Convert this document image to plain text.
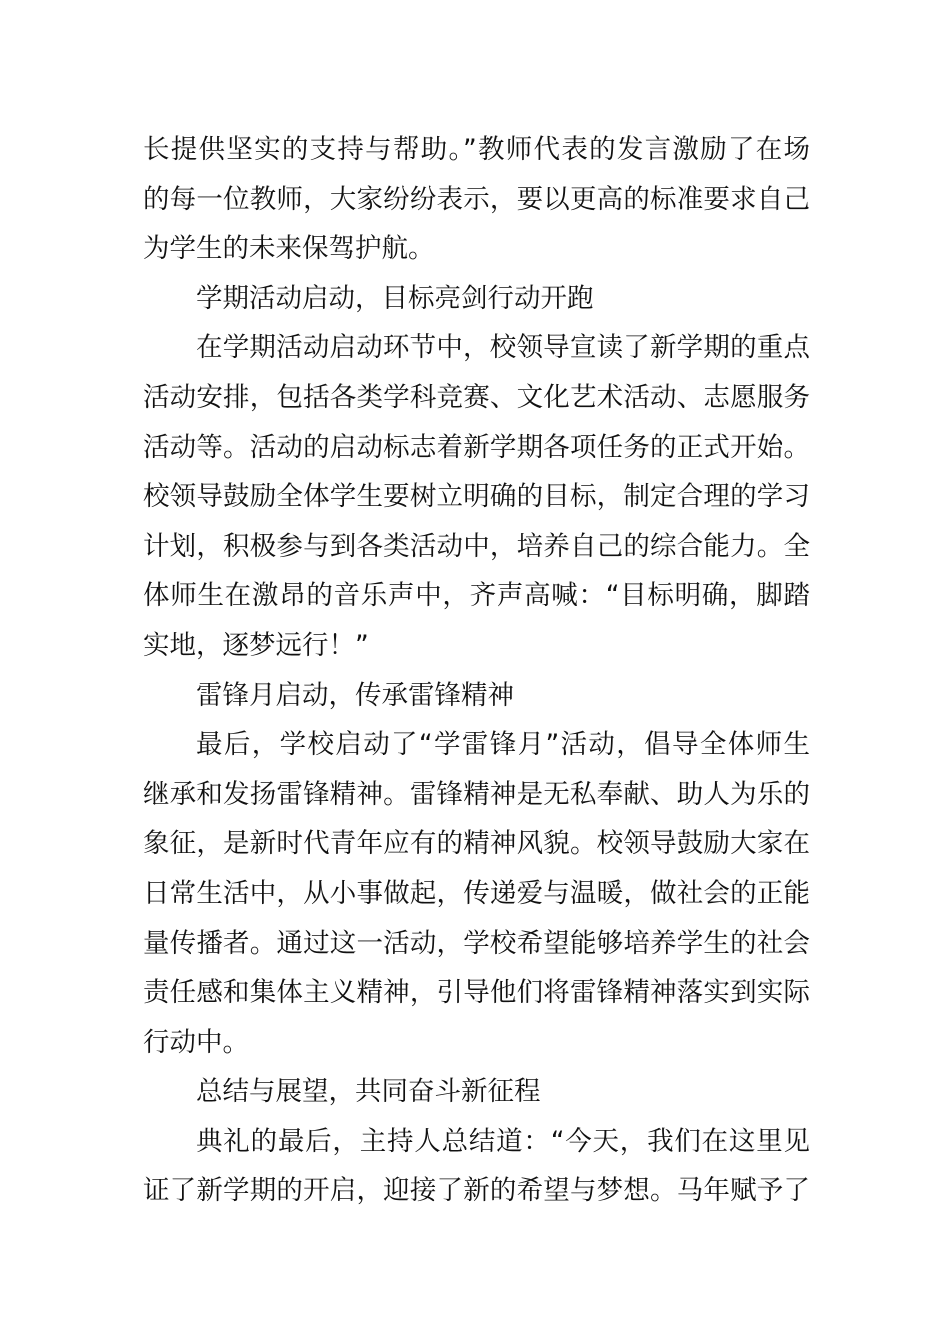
长提供坚实的支持与帮助。”教师代表的发言激励了在场
的每一位教师，大家纷纷表示，要以更高的标准要求自己
为学生的未来保驾护航。
学期活动启动，目标亮剑行动开跑
在学期活动启动环节中，校领导宣读了新学期的重点
活动安排，包括各类学科竞赛、文化艺术活动、志愿服务
活动等。活动的启动标志着新学期各项任务的正式开始。
校领导鼓励全体学生要树立明确的目标，制定合理的学习
计划，积极参与到各类活动中，培养自己的综合能力。全
体师生在激昂的音乐声中，齐声高喊：“目标明确，脚踏
实地，逐梦远行！”
雷锋月启动，传承雷锋精神
最后，学校启动了“学雷锋月”活动，倡导全体师生
继承和发扬雷锋精神。雷锋精神是无私奉献、助人为乐的
象征，是新时代青年应有的精神风貌。校领导鼓励大家在
日常生活中，从小事做起，传递爱与温暖，做社会的正能
量传播者。通过这一活动，学校希望能够培养学生的社会
责任感和集体主义精神，引导他们将雷锋精神落实到实际
行动中。
总结与展望，共同奋斗新征程
典礼的最后，主持人总结道：“今天，我们在这里见
证了新学期的开启，迎接了新的希望与梦想。马年赋予了
